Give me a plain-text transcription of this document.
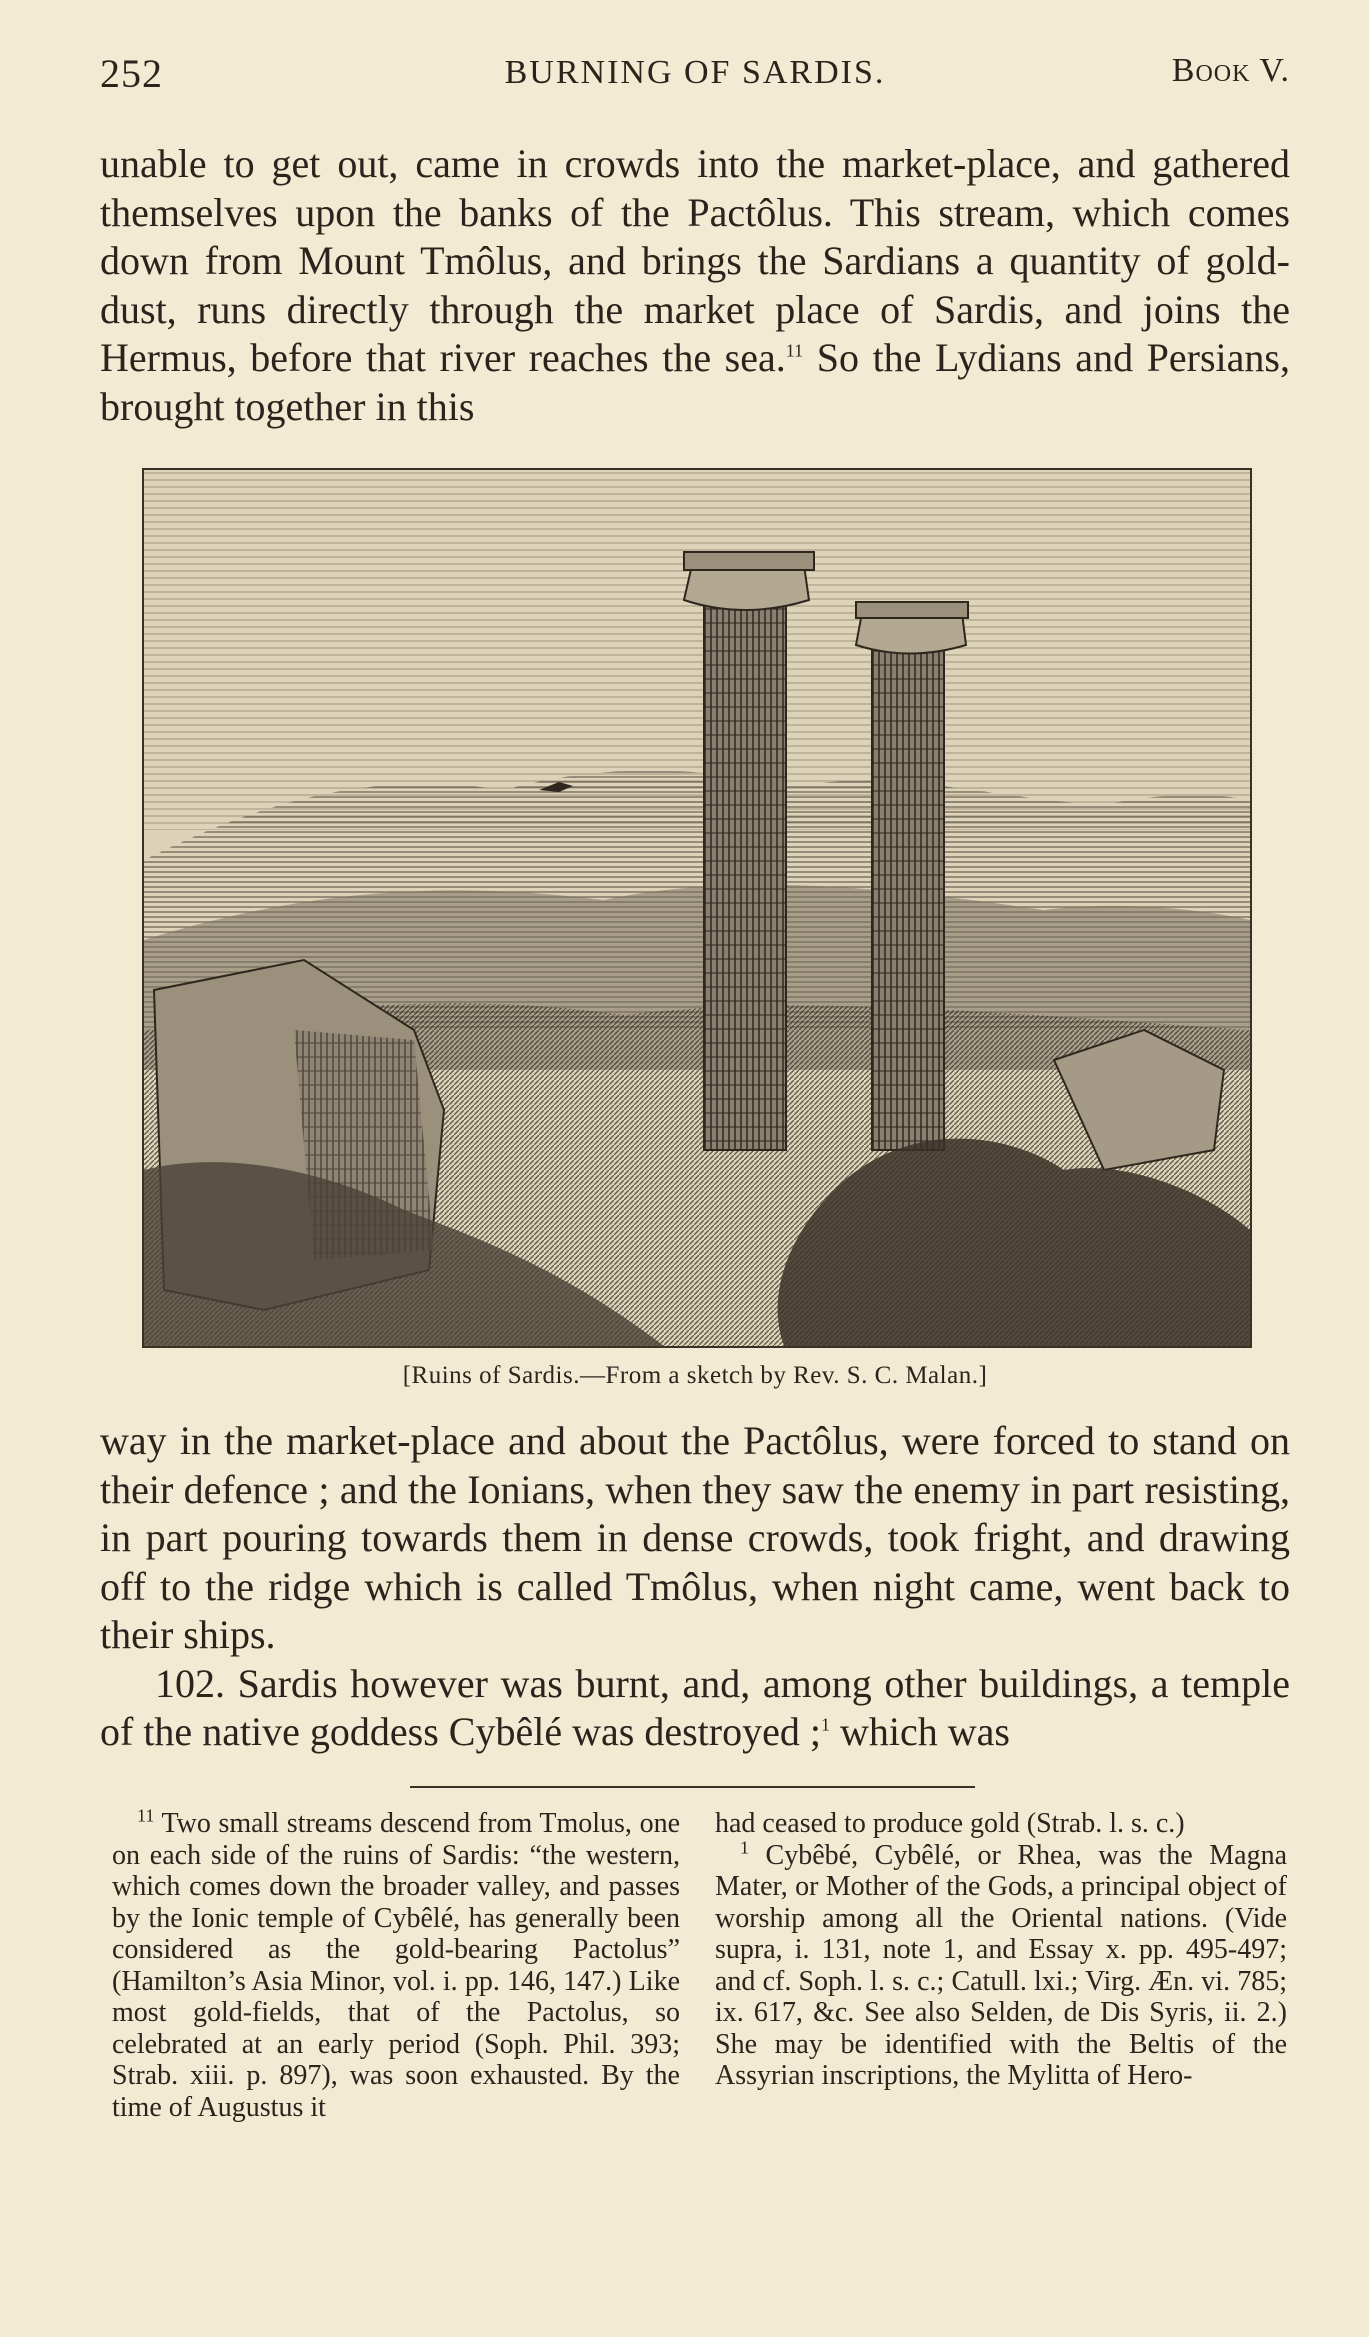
252	BURNING OF SARDIS.	Book V.

unable to get out, came in crowds into the market-place, and gathered themselves upon the banks of the Pactôlus. This stream, which comes down from Mount Tmôlus, and brings the Sardians a quantity of gold-dust, runs directly through the market place of Sardis, and joins the Hermus, before that river reaches the sea.$^{11}$ So the Lydians and Persians, brought together in this

[Ruins of Sardis.—From a sketch by Rev. S. C. Malan.]

way in the market-place and about the Pactôlus, were forced to stand on their defence ; and the Ionians, when they saw the enemy in part resisting, in part pouring towards them in dense crowds, took fright, and drawing off to the ridge which is called Tmôlus, when night came, went back to their ships.

102. Sardis however was burnt, and, among other buildings, a temple of the native goddess Cybêlé was destroyed ;$^1$ which was

$^{11}$ Two small streams descend from Tmolus, one on each side of the ruins of Sardis: “the western, which comes down the broader valley, and passes by the Ionic temple of Cybêlé, has generally been considered as the gold-bearing Pactolus” (Hamilton’s Asia Minor, vol. i. pp. 146, 147.) Like most gold-fields, that of the Pactolus, so celebrated at an early period (Soph. Phil. 393; Strab. xiii. p. 897), was soon exhausted. By the time of Augustus it

had ceased to produce gold (Strab. l. s. c.)

$^1$ Cybêbé, Cybêlé, or Rhea, was the Magna Mater, or Mother of the Gods, a principal object of worship among all the Oriental nations. (Vide supra, i. 131, note 1, and Essay x. pp. 495-497; and cf. Soph. l. s. c.; Catull. lxi.; Virg. Æn. vi. 785; ix. 617, &c. See also Selden, de Dis Syris, ii. 2.) She may be identified with the Beltis of the Assyrian inscriptions, the Mylitta of Hero-
